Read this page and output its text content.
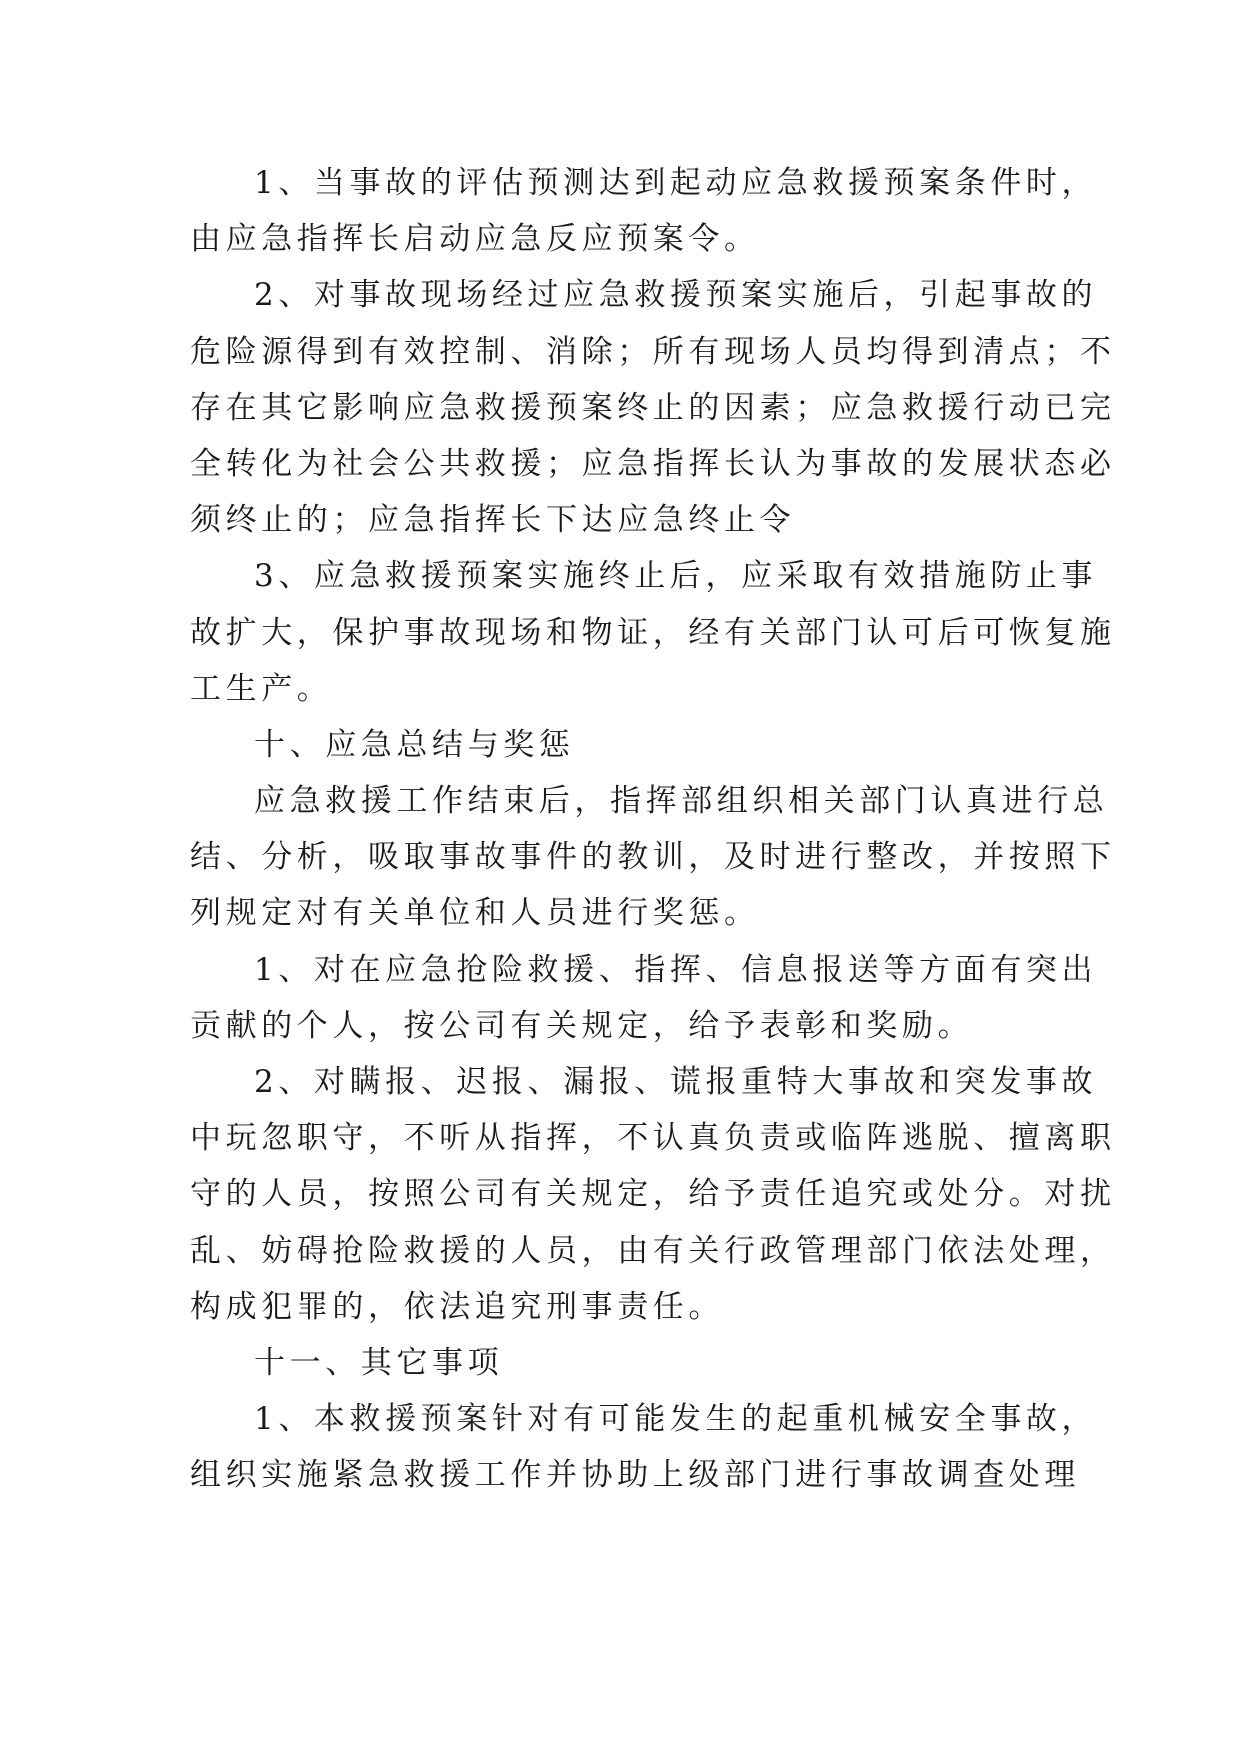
1、当事故的评估预测达到起动应急救援预案条件时，
由应急指挥长启动应急反应预案令。
2、对事故现场经过应急救援预案实施后，引起事故的
危险源得到有效控制、消除；所有现场人员均得到清点；不
存在其它影响应急救援预案终止的因素；应急救援行动已完
全转化为社会公共救援；应急指挥长认为事故的发展状态必
须终止的；应急指挥长下达应急终止令
3、应急救援预案实施终止后，应采取有效措施防止事
故扩大，保护事故现场和物证，经有关部门认可后可恢复施
工生产。
十、应急总结与奖惩
应急救援工作结束后，指挥部组织相关部门认真进行总
结、分析，吸取事故事件的教训，及时进行整改，并按照下
列规定对有关单位和人员进行奖惩。
1、对在应急抢险救援、指挥、信息报送等方面有突出
贡献的个人，按公司有关规定，给予表彰和奖励。
2、对瞒报、迟报、漏报、谎报重特大事故和突发事故
中玩忽职守，不听从指挥，不认真负责或临阵逃脱、擅离职
守的人员，按照公司有关规定，给予责任追究或处分。对扰
乱、妨碍抢险救援的人员，由有关行政管理部门依法处理，
构成犯罪的，依法追究刑事责任。
十一、其它事项
1、本救援预案针对有可能发生的起重机械安全事故，
组织实施紧急救援工作并协助上级部门进行事故调查处理
